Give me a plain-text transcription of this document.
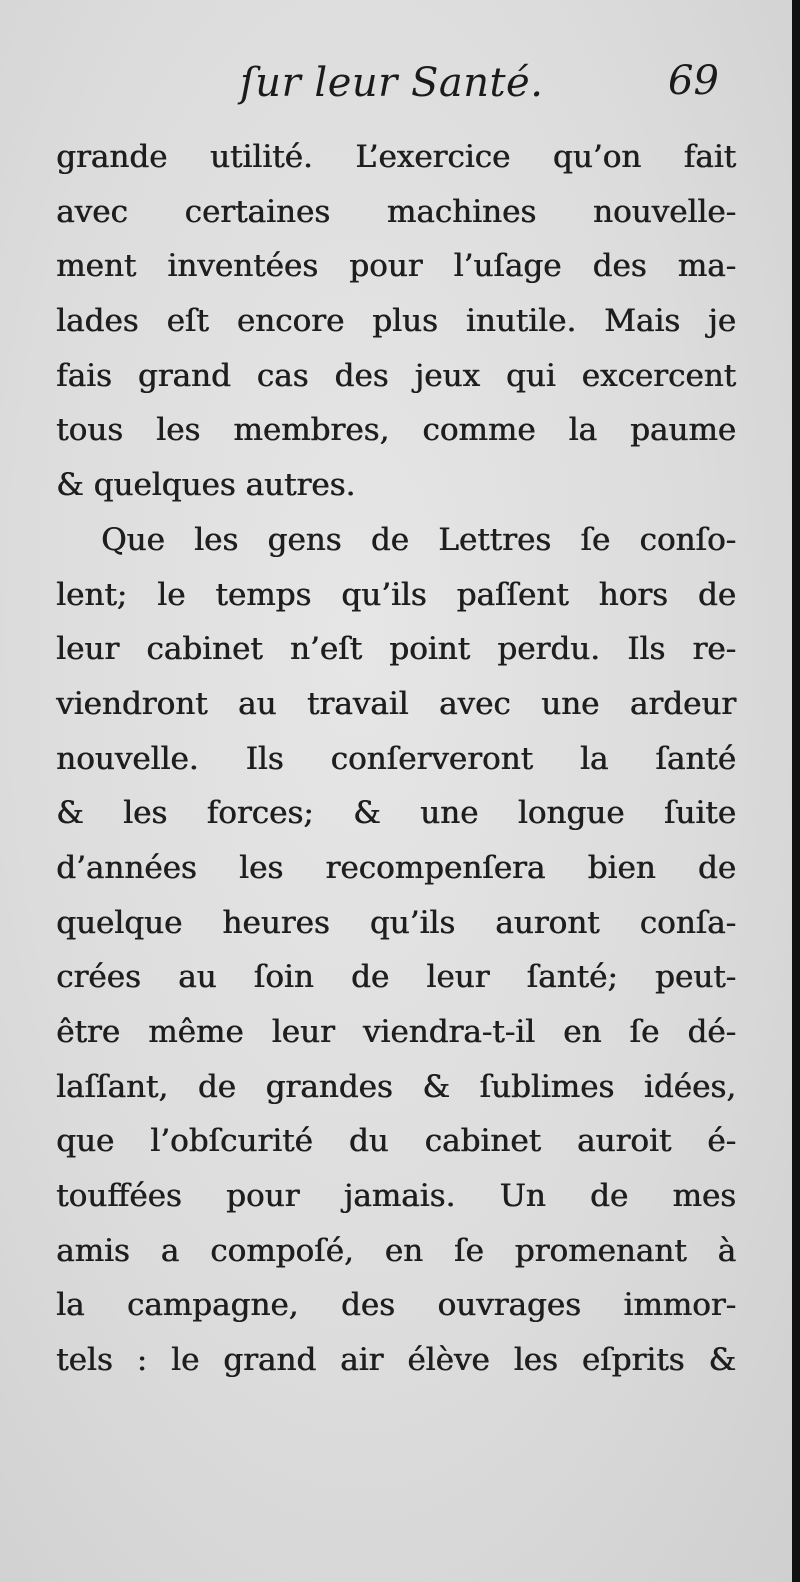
ſur leur Santé.	69
grande utilité. L’exercice qu’on fait
avec certaines machines nouvelle-
ment inventées pour l’uſage des ma-
lades eſt encore plus inutile. Mais je
fais grand cas des jeux qui excercent
tous les membres, comme la paume
& quelques autres.
Que les gens de Lettres ſe conſo-
lent; le temps qu’ils paſſent hors de
leur cabinet n’eſt point perdu. Ils re-
viendront au travail avec une ardeur
nouvelle. Ils conſerveront la ſanté
& les forces; & une longue ſuite
d’années les recompenſera bien de
quelque heures qu’ils auront conſa-
crées au ſoin de leur ſanté; peut-
être même leur viendra-t-il en ſe dé-
laſſant, de grandes & ſublimes idées,
que l’obſcurité du cabinet auroit é-
touffées pour jamais. Un de mes
amis a compoſé, en ſe promenant à
la campagne, des ouvrages immor-
tels : le grand air élève les eſprits &
